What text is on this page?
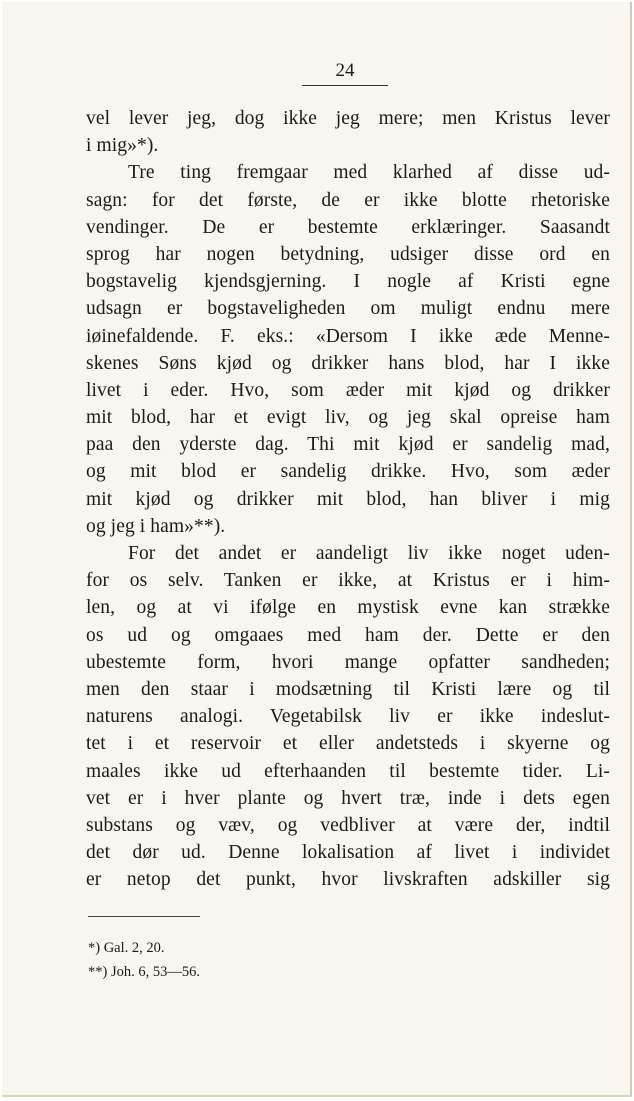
24
vel lever jeg, dog ikke jeg mere; men Kristus lever
i mig»*).
Tre ting fremgaar med klarhed af disse ud-
sagn: for det første, de er ikke blotte rhetoriske
vendinger. De er bestemte erklæringer. Saasandt
sprog har nogen betydning, udsiger disse ord en
bogstavelig kjendsgjerning. I nogle af Kristi egne
udsagn er bogstaveligheden om muligt endnu mere
iøinefaldende. F. eks.: «Dersom I ikke æde Menne-
skenes Søns kjød og drikker hans blod, har I ikke
livet i eder. Hvo, som æder mit kjød og drikker
mit blod, har et evigt liv, og jeg skal opreise ham
paa den yderste dag. Thi mit kjød er sandelig mad,
og mit blod er sandelig drikke. Hvo, som æder
mit kjød og drikker mit blod, han bliver i mig
og jeg i ham»**).
For det andet er aandeligt liv ikke noget uden-
for os selv. Tanken er ikke, at Kristus er i him-
len, og at vi ifølge en mystisk evne kan strække
os ud og omgaaes med ham der. Dette er den
ubestemte form, hvori mange opfatter sandheden;
men den staar i modsætning til Kristi lære og til
naturens analogi. Vegetabilsk liv er ikke indeslut-
tet i et reservoir et eller andetsteds i skyerne og
maales ikke ud efterhaanden til bestemte tider. Li-
vet er i hver plante og hvert træ, inde i dets egen
substans og væv, og vedbliver at være der, indtil
det dør ud. Denne lokalisation af livet i individet
er netop det punkt, hvor livskraften adskiller sig
*) Gal. 2, 20.
**) Joh. 6, 53—56.
